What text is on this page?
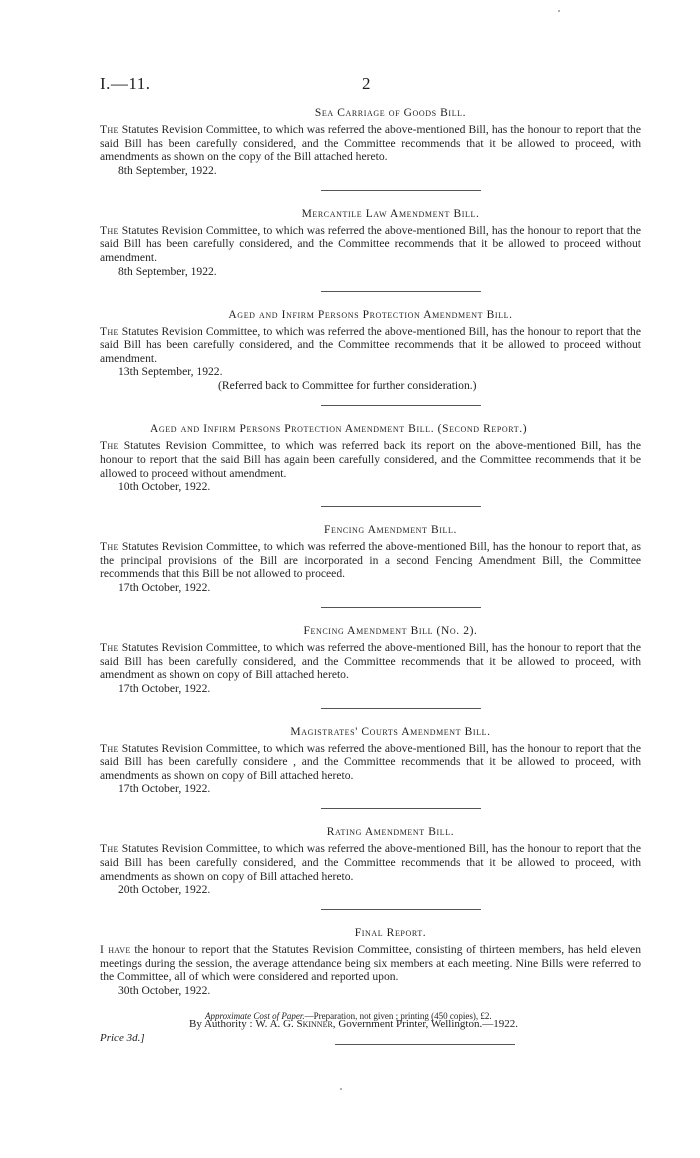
I.—11.	2

Sea Carriage of Goods Bill.

The Statutes Revision Committee, to which was referred the above-mentioned Bill, has the honour to report that the said Bill has been carefully considered, and the Committee recommends that it be allowed to proceed, with amendments as shown on the copy of the Bill attached hereto.

8th September, 1922.

Mercantile Law Amendment Bill.

The Statutes Revision Committee, to which was referred the above-mentioned Bill, has the honour to report that the said Bill has been carefully considered, and the Committee recommends that it be allowed to proceed without amendment.

8th September, 1922.

Aged and Infirm Persons Protection Amendment Bill.

The Statutes Revision Committee, to which was referred the above-mentioned Bill, has the honour to report that the said Bill has been carefully considered, and the Committee recommends that it be allowed to proceed without amendment.

13th September, 1922.

(Referred back to Committee for further consideration.)

Aged and Infirm Persons Protection Amendment Bill. (Second Report.)

The Statutes Revision Committee, to which was referred back its report on the above-mentioned Bill, has the honour to report that the said Bill has again been carefully considered, and the Committee recommends that it be allowed to proceed without amendment.

10th October, 1922.

Fencing Amendment Bill.

The Statutes Revision Committee, to which was referred the above-mentioned Bill, has the honour to report that, as the principal provisions of the Bill are incorporated in a second Fencing Amendment Bill, the Committee recommends that this Bill be not allowed to proceed.

17th October, 1922.

Fencing Amendment Bill (No. 2).

The Statutes Revision Committee, to which was referred the above-mentioned Bill, has the honour to report that the said Bill has been carefully considered, and the Committee recommends that it be allowed to proceed, with amendment as shown on copy of Bill attached hereto.

17th October, 1922.

Magistrates' Courts Amendment Bill.

The Statutes Revision Committee, to which was referred the above-mentioned Bill, has the honour to report that the said Bill has been carefully considere , and the Committee recommends that it be allowed to proceed, with amendments as shown on copy of Bill attached hereto.

17th October, 1922.

Rating Amendment Bill.

The Statutes Revision Committee, to which was referred the above-mentioned Bill, has the honour to report that the said Bill has been carefully considered, and the Committee recommends that it be allowed to proceed, with amendments as shown on copy of Bill attached hereto.

20th October, 1922.

Final Report.

I have the honour to report that the Statutes Revision Committee, consisting of thirteen members, has held eleven meetings during the session, the average attendance being six members at each meeting. Nine Bills were referred to the Committee, all of which were considered and reported upon.

30th October, 1922.

Approximate Cost of Paper.—Preparation, not given ; printing (450 copies), £2.

By Authority : W. A. G. Skinner, Government Printer, Wellington.—1922.
Price 3d.]
